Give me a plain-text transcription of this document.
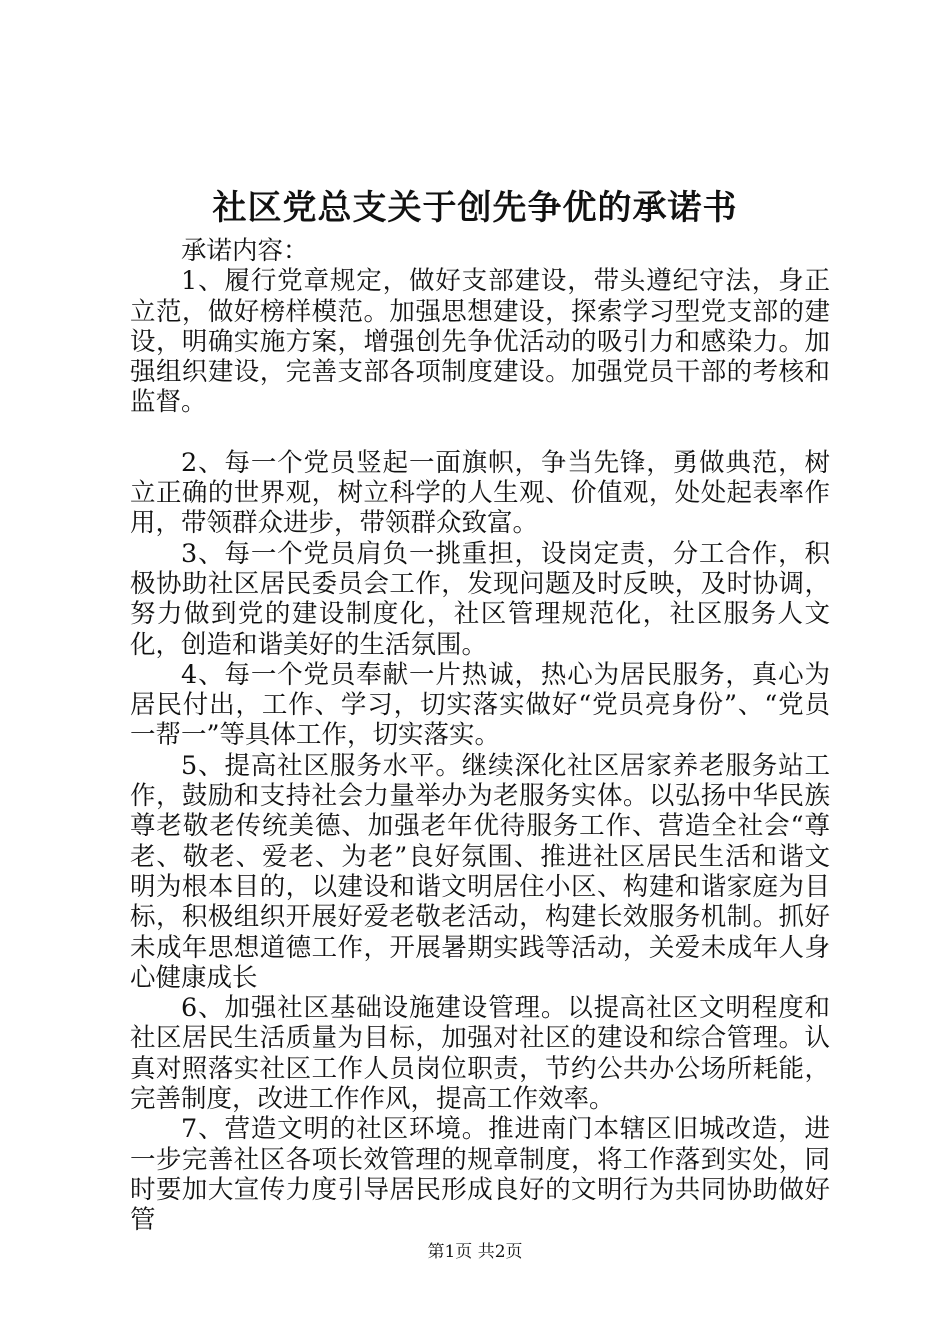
社区党总支关于创先争优的承诺书

承诺内容：

1、履行党章规定，做好支部建设，带头遵纪守法，身正立范，做好榜样模范。加强思想建设，探索学习型党支部的建设，明确实施方案，增强创先争优活动的吸引力和感染力。加强组织建设，完善支部各项制度建设。加强党员干部的考核和监督。

2、每一个党员竖起一面旗帜，争当先锋，勇做典范，树立正确的世界观，树立科学的人生观、价值观，处处起表率作用，带领群众进步，带领群众致富。

3、每一个党员肩负一挑重担，设岗定责，分工合作，积极协助社区居民委员会工作，发现问题及时反映，及时协调，努力做到党的建设制度化，社区管理规范化，社区服务人文化，创造和谐美好的生活氛围。

4、每一个党员奉献一片热诚，热心为居民服务，真心为居民付出，工作、学习，切实落实做好“党员亮身份”、“党员一帮一”等具体工作，切实落实。

5、提高社区服务水平。继续深化社区居家养老服务站工作，鼓励和支持社会力量举办为老服务实体。以弘扬中华民族尊老敬老传统美德、加强老年优待服务工作、营造全社会“尊老、敬老、爱老、为老”良好氛围、推进社区居民生活和谐文明为根本目的，以建设和谐文明居住小区、构建和谐家庭为目标，积极组织开展好爱老敬老活动，构建长效服务机制。抓好未成年思想道德工作，开展暑期实践等活动，关爱未成年人身心健康成长

6、加强社区基础设施建设管理。以提高社区文明程度和社区居民生活质量为目标，加强对社区的建设和综合管理。认真对照落实社区工作人员岗位职责，节约公共办公场所耗能，完善制度，改进工作作风，提高工作效率。

7、营造文明的社区环境。推进南门本辖区旧城改造，进一步完善社区各项长效管理的规章制度，将工作落到实处，同时要加大宣传力度引导居民形成良好的文明行为共同协助做好管

第1页 共2页
